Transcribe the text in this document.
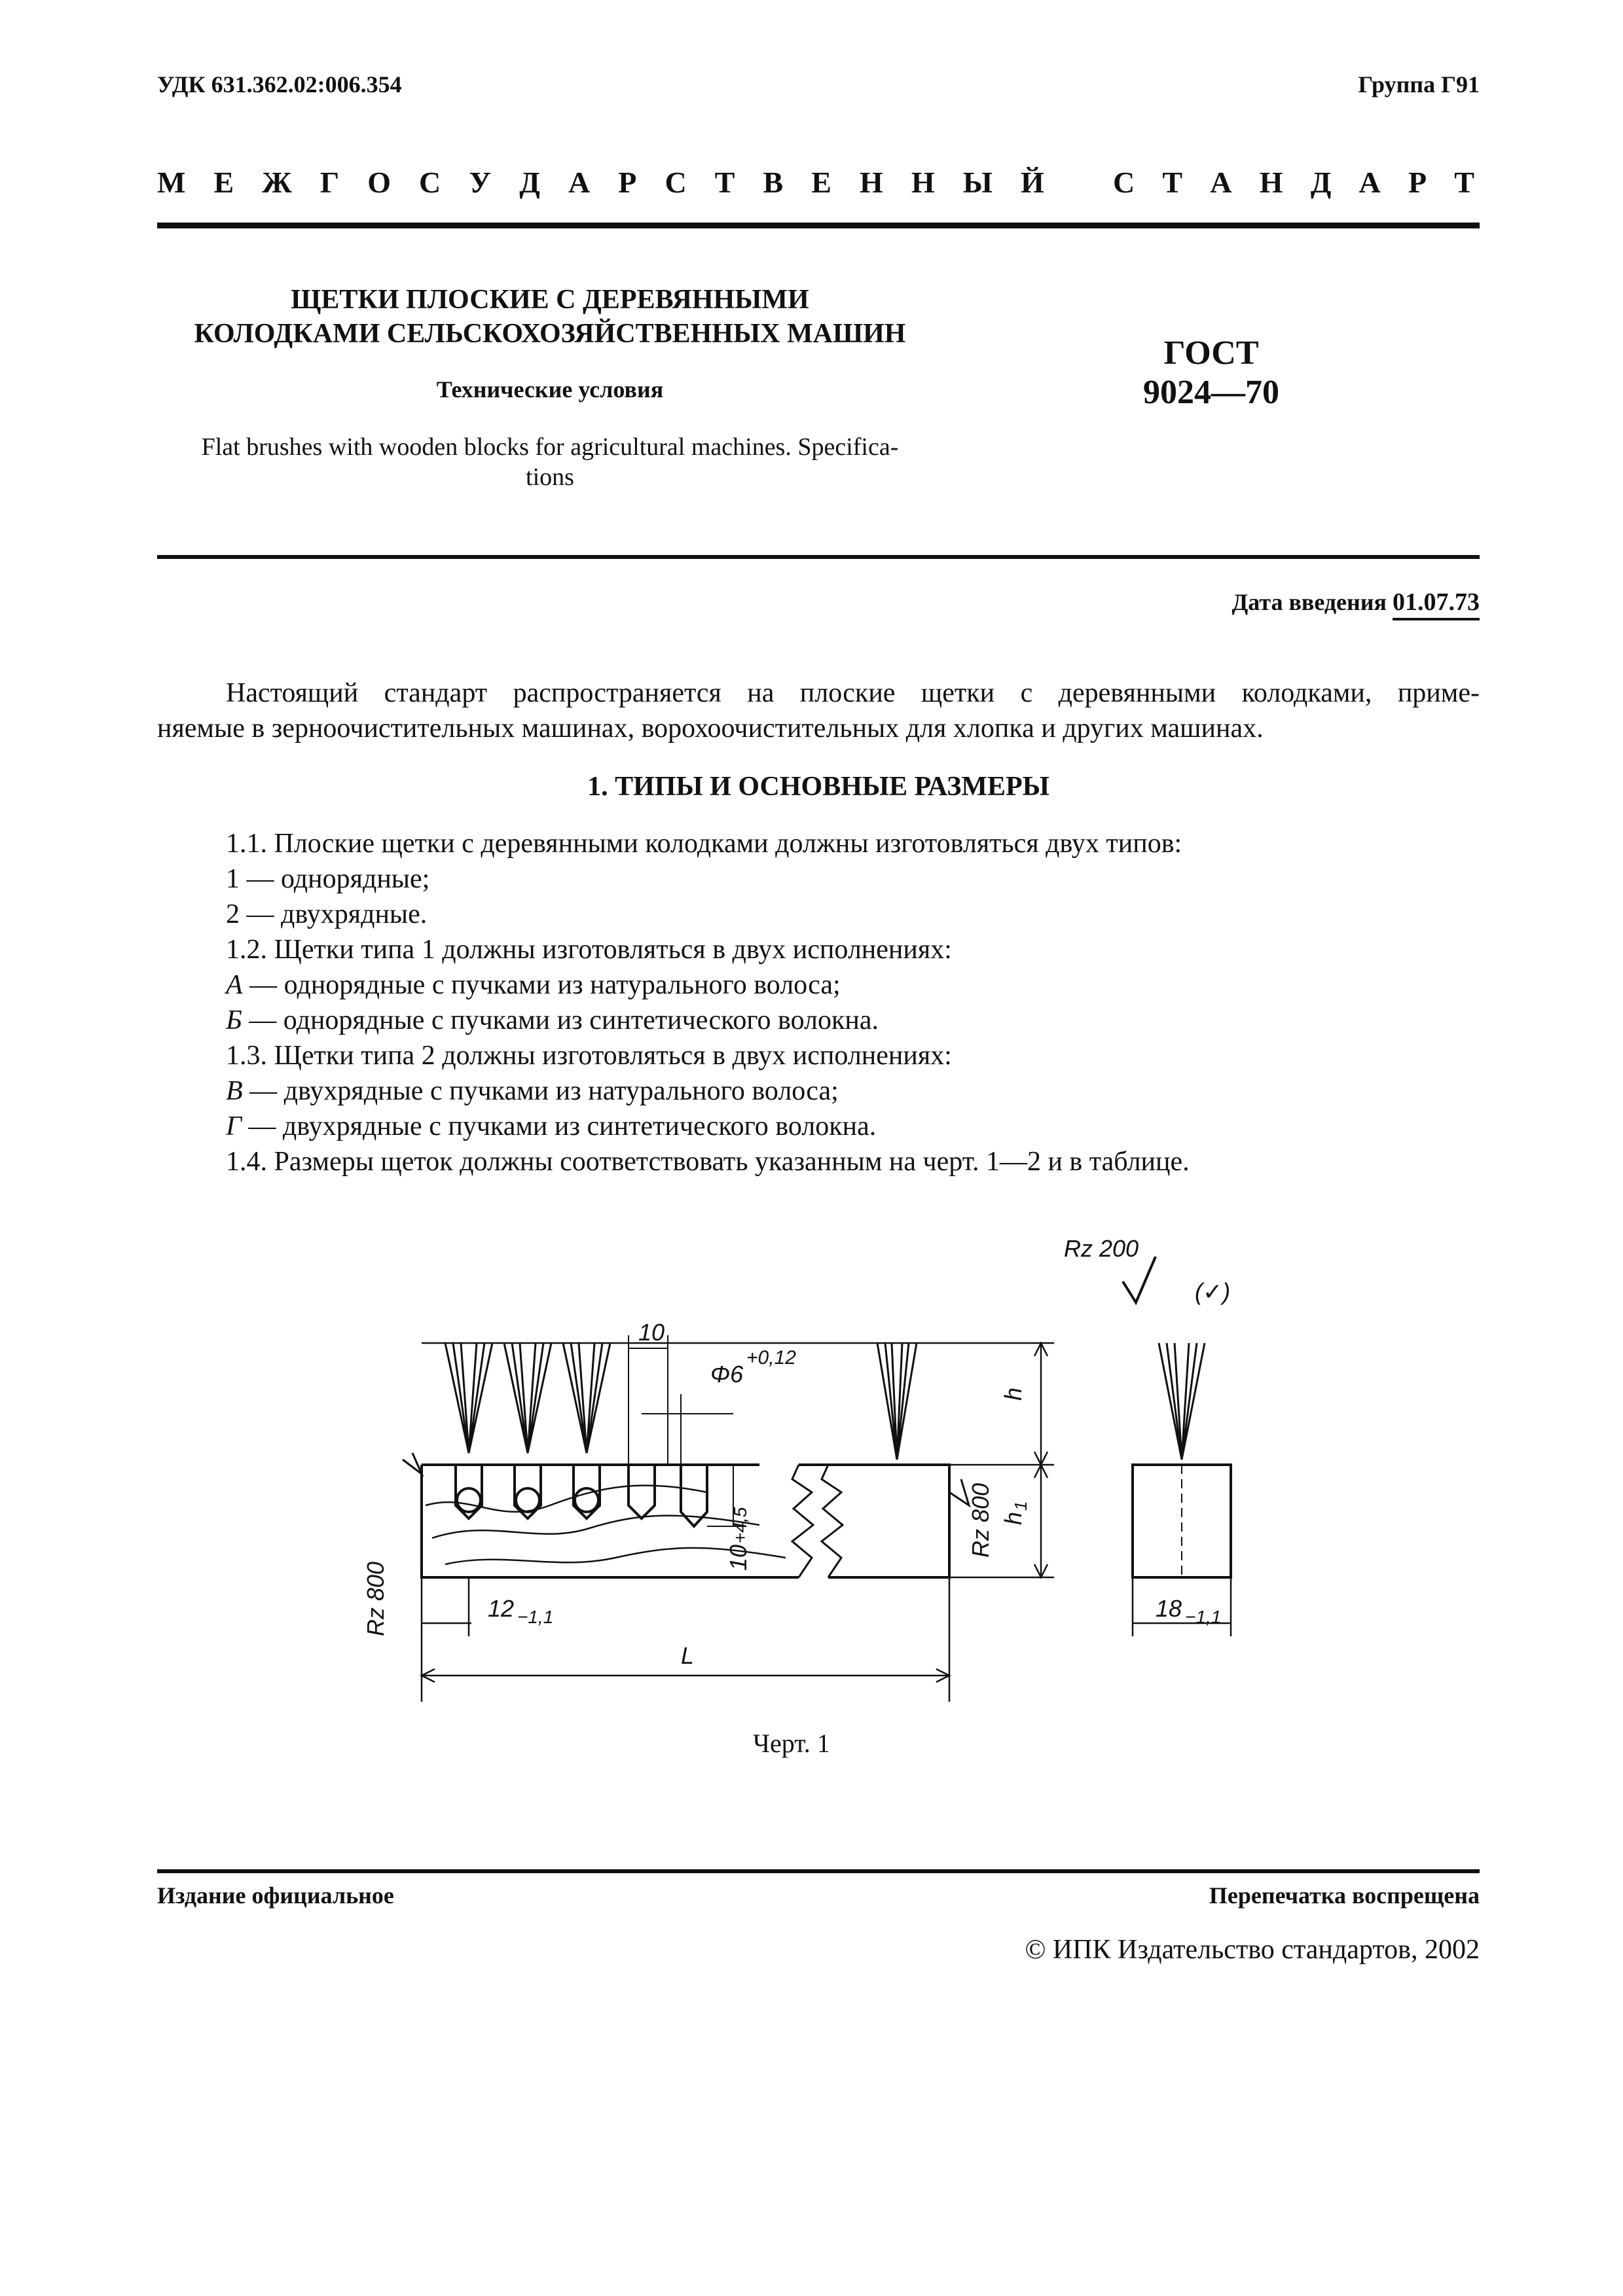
УДК 631.362.02:006.354	Группа Г91
М Е Ж Г О С У Д А Р С Т В Е Н Н Ы Й С Т А Н Д А Р Т
ЩЕТКИ ПЛОСКИЕ С ДЕРЕВЯННЫМИ
КОЛОДКАМИ СЕЛЬСКОХОЗЯЙСТВЕННЫХ МАШИН
Технические условия
Flat brushes with wooden blocks for agricultural machines. Specifica-
tions
ГОСТ
9024—70
Дата введения 01.07.73
Настоящий стандарт распространяется на плоские щетки с деревянными колодками, приме-
няемые в зерноочистительных машинах, ворохоочистительных для хлопка и других машинах.
1. ТИПЫ И ОСНОВНЫЕ РАЗМЕРЫ
1.1. Плоские щетки с деревянными колодками должны изготовляться двух типов:
1 — однорядные;
2 — двухрядные.
1.2. Щетки типа 1 должны изготовляться в двух исполнениях:
А — однорядные с пучками из натурального волоса;
Б — однорядные с пучками из синтетического волокна.
1.3. Щетки типа 2 должны изготовляться в двух исполнениях:
В — двухрядные с пучками из натурального волоса;
Г — двухрядные с пучками из синтетического волокна.
1.4. Размеры щеток должны соответствовать указанным на черт. 1—2 и в таблице.
Rz 200
(✓)
10
Φ6
+0,12
h
h
1
10
+4,5
Rz 800
Rz 800
12 −1,1
L
18 −1,1
Черт. 1
Издание официальное	Перепечатка воспрещена
© ИПК Издательство стандартов, 2002
